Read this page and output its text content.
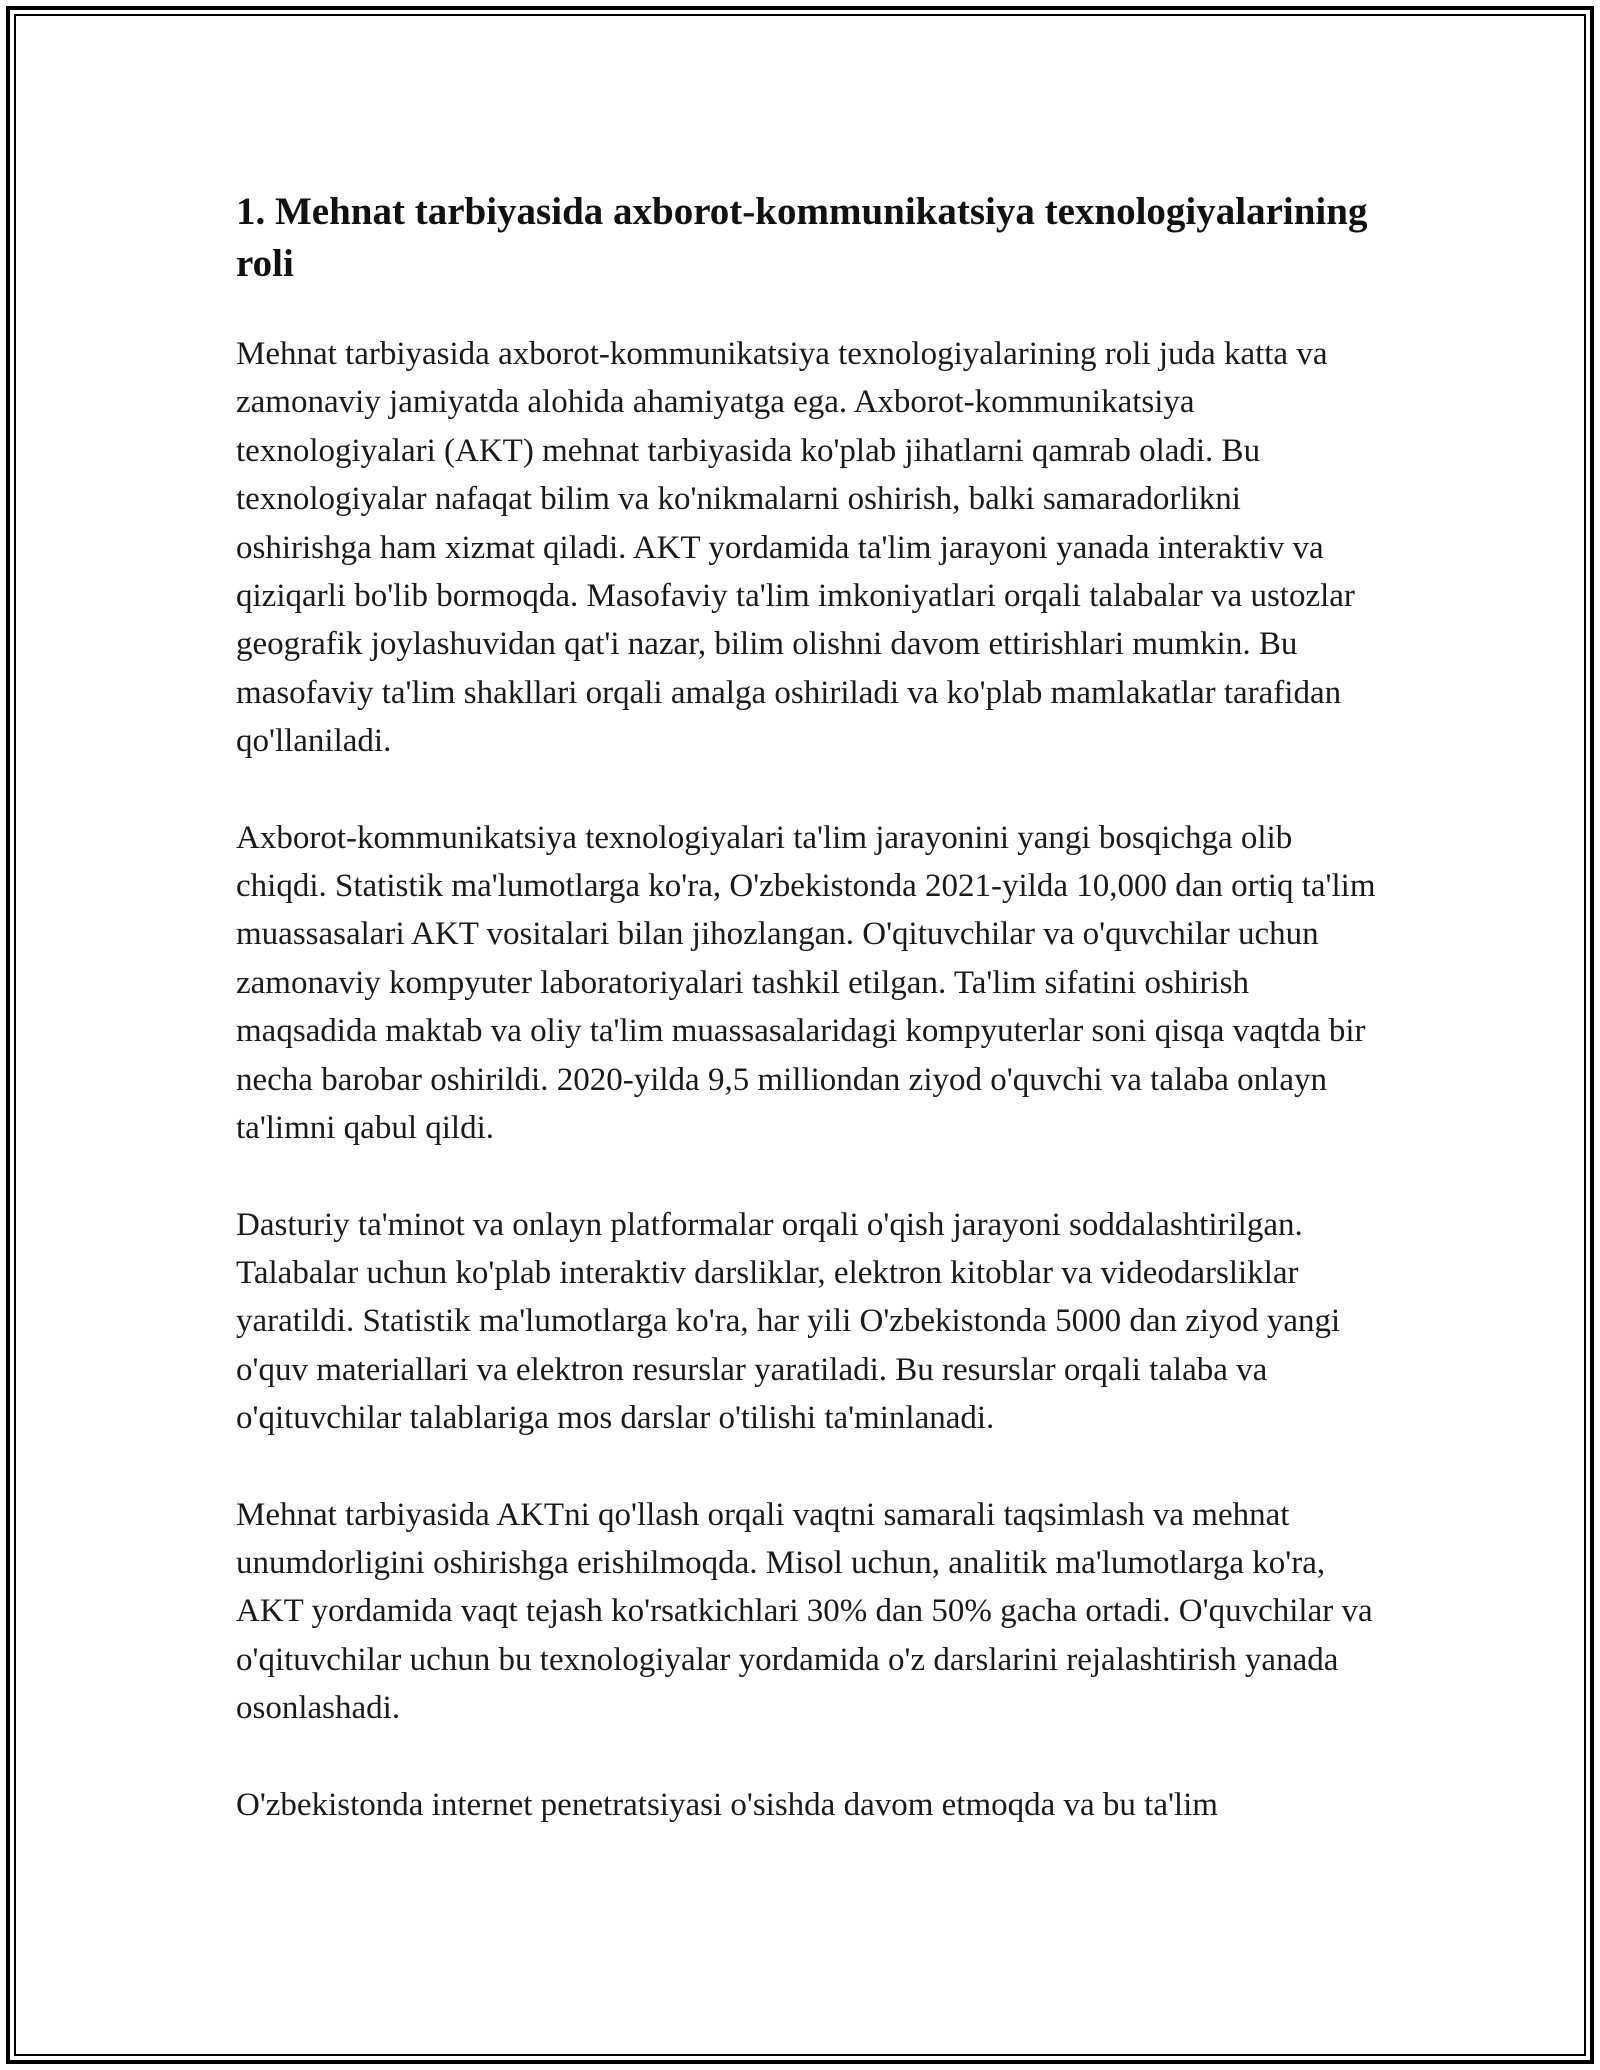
1. Mehnat tarbiyasida axborot-kommunikatsiya texnologiyalarining roli

Mehnat tarbiyasida axborot-kommunikatsiya texnologiyalarining roli juda katta va zamonaviy jamiyatda alohida ahamiyatga ega. Axborot-kommunikatsiya texnologiyalari (AKT) mehnat tarbiyasida ko'plab jihatlarni qamrab oladi. Bu texnologiyalar nafaqat bilim va ko'nikmalarni oshirish, balki samaradorlikni oshirishga ham xizmat qiladi. AKT yordamida ta'lim jarayoni yanada interaktiv va qiziqarli bo'lib bormoqda. Masofaviy ta'lim imkoniyatlari orqali talabalar va ustozlar geografik joylashuvidan qat'i nazar, bilim olishni davom ettirishlari mumkin. Bu masofaviy ta'lim shakllari orqali amalga oshiriladi va ko'plab mamlakatlar tarafidan qo'llaniladi.

Axborot-kommunikatsiya texnologiyalari ta'lim jarayonini yangi bosqichga olib chiqdi. Statistik ma'lumotlarga ko'ra, O'zbekistonda 2021-yilda 10,000 dan ortiq ta'lim muassasalari AKT vositalari bilan jihozlangan. O'qituvchilar va o'quvchilar uchun zamonaviy kompyuter laboratoriyalari tashkil etilgan. Ta'lim sifatini oshirish maqsadida maktab va oliy ta'lim muassasalaridagi kompyuterlar soni qisqa vaqtda bir necha barobar oshirildi. 2020-yilda 9,5 milliondan ziyod o'quvchi va talaba onlayn ta'limni qabul qildi.

Dasturiy ta'minot va onlayn platformalar orqali o'qish jarayoni soddalashtirilgan. Talabalar uchun ko'plab interaktiv darsliklar, elektron kitoblar va videodarsliklar yaratildi. Statistik ma'lumotlarga ko'ra, har yili O'zbekistonda 5000 dan ziyod yangi o'quv materiallari va elektron resurslar yaratiladi. Bu resurslar orqali talaba va o'qituvchilar talablariga mos darslar o'tilishi ta'minlanadi.

Mehnat tarbiyasida AKTni qo'llash orqali vaqtni samarali taqsimlash va mehnat unumdorligini oshirishga erishilmoqda. Misol uchun, analitik ma'lumotlarga ko'ra, AKT yordamida vaqt tejash ko'rsatkichlari 30% dan 50% gacha ortadi. O'quvchilar va o'qituvchilar uchun bu texnologiyalar yordamida o'z darslarini rejalashtirish yanada osonlashadi.

O'zbekistonda internet penetratsiyasi o'sishda davom etmoqda va bu ta'lim
